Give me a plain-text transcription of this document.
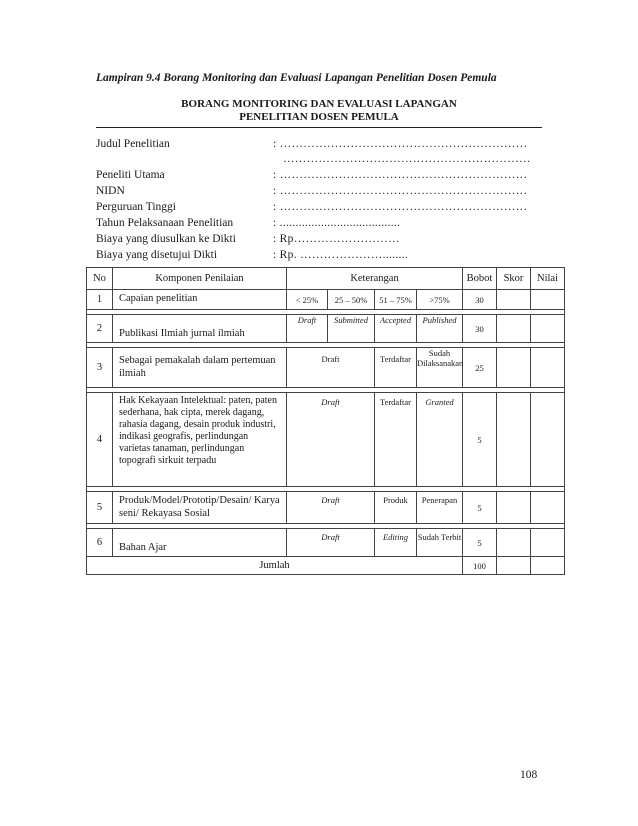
Lampiran 9.4 Borang Monitoring dan Evaluasi Lapangan Penelitian Dosen Pemula
BORANG MONITORING DAN EVALUASI LAPANGAN
PENELITIAN DOSEN PEMULA
Judul Penelitian	: ………………………………………………………
………………………………………………………
Peneliti Utama	: ………………………………………………………
NIDN	: ………………………………………………………
Perguruan Tinggi	: ………………………………………………………
Tahun Pelaksanaan Penelitian	: ......................................
Biaya yang diusulkan ke Dikti	: Rp………………………
Biaya yang disetujui Dikti	: Rp. …………………........
No	Komponen Penilaian	Keterangan				Bobot	Skor	Nilai
1	Capaian penelitian	< 25%	25 – 50%	51 – 75%	>75%	30		

2	Publikasi Ilmiah jurnal ilmiah	Draft	Submitted	Accepted	Published	30		

3	Sebagai pemakalah dalam pertemuan ilmiah	Draft		Terdaftar	Sudah Dilaksanakan	25		

4	Hak Kekayaan Intelektual: paten, paten sederhana, hak cipta, merek dagang, rahasia dagang, desain produk industri, indikasi geografis, perlindungan varietas tanaman, perlindungan topografi sirkuit terpadu	Draft		Terdaftar	Granted	5		

5	Produk/Model/Prototip/Desain/ Karya seni/ Rekayasa Sosial	Draft		Produk	Penerapan	5		

6	Bahan Ajar	Draft		Editing	Sudah Terbit	5		
Jumlah						100		
108
